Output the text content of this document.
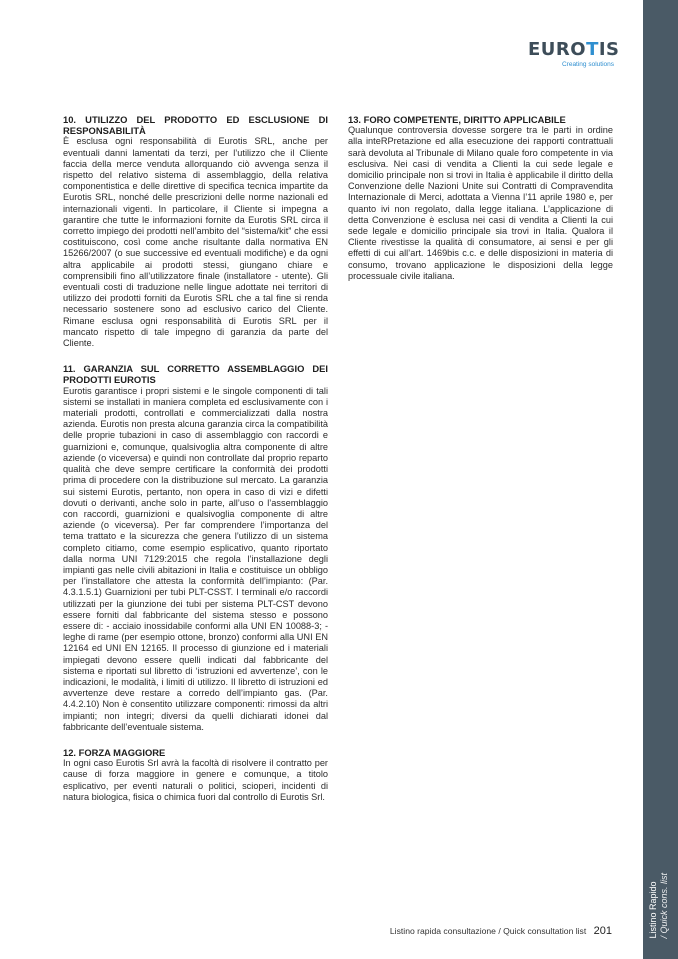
Listino Rapido
/ Quick cons. list
EUROTIS
Creating solutions

10. UTILIZZO DEL PRODOTTO ED ESCLUSIONE DI RESPONSABILITÀ

È esclusa ogni responsabilità di Eurotis SRL, anche per eventuali danni lamentati da terzi, per l’utilizzo che il Cliente faccia della merce venduta allorquando ciò avvenga senza il rispetto del relativo sistema di assemblaggio, della relativa componentistica e delle direttive di specifica tecnica impartite da Eurotis SRL, nonché delle prescrizioni delle norme nazionali ed internazionali vigenti. In particolare, il Cliente si impegna a garantire che tutte le informazioni fornite da Eurotis SRL circa il corretto impiego dei prodotti nell’ambito del “sistema/kit” che essi costituiscono, così come anche risultante dalla normativa EN 15266/2007 (o sue successive ed eventuali modifiche) e da ogni altra applicabile ai prodotti stessi, giungano chiare e comprensibili fino all’utilizzatore finale (installatore - utente). Gli eventuali costi di traduzione nelle lingue adottate nei territori di utilizzo dei prodotti forniti da Eurotis SRL che a tal fine si renda necessario sostenere sono ad esclusivo carico del Cliente. Rimane esclusa ogni responsabilità di Eurotis SRL per il mancato rispetto di tale impegno di garanzia da parte del Cliente.

11. GARANZIA SUL CORRETTO ASSEMBLAGGIO DEI PRODOTTI EUROTIS

Eurotis garantisce i propri sistemi e le singole componenti di tali sistemi se installati in maniera completa ed esclusivamente con i materiali prodotti, controllati e commercializzati dalla nostra azienda. Eurotis non presta alcuna garanzia circa la compatibilità delle proprie tubazioni in caso di assemblaggio con raccordi e guarnizioni e, comunque, qualsivoglia altra componente di altre aziende (o viceversa) e quindi non controllate dal proprio reparto qualità che deve sempre certificare la conformità dei prodotti prima di procedere con la distribuzione sul mercato. La garanzia sui sistemi Eurotis, pertanto, non opera in caso di vizi e difetti dovuti o derivanti, anche solo in parte, all’uso o l’assemblaggio con raccordi, guarnizioni e qualsivoglia componente di altre aziende (o viceversa). Per far comprendere l’importanza del tema trattato e la sicurezza che genera l’utilizzo di un sistema completo citiamo, come esempio esplicativo, quanto riportato dalla norma UNI 7129:2015 che regola l’installazione degli impianti gas nelle civili abitazioni in Italia e costituisce un obbligo per l’installatore che attesta la conformità dell’impianto: (Par. 4.3.1.5.1) Guarnizioni per tubi PLT-CSST. I terminali e/o raccordi utilizzati per la giunzione dei tubi per sistema PLT-CST devono essere forniti dal fabbricante del sistema stesso e possono essere di: - acciaio inossidabile conformi alla UNI EN 10088-3; - leghe di rame (per esempio ottone, bronzo) conformi alla UNI EN 12164 ed UNI EN 12165. Il processo di giunzione ed i materiali impiegati devono essere quelli indicati dal fabbricante del sistema e riportati sul libretto di ‘istruzioni ed avvertenze’, con le indicazioni, le modalità, i limiti di utilizzo. Il libretto di istruzioni ed avvertenze deve restare a corredo dell’impianto gas. (Par. 4.4.2.10) Non è consentito utilizzare componenti: rimossi da altri impianti; non integri; diversi da quelli dichiarati idonei dal fabbricante dell’eventuale sistema.

12. FORZA MAGGIORE

In ogni caso Eurotis Srl avrà la facoltà di risolvere il contratto per cause di forza maggiore in genere e comunque, a titolo esplicativo, per eventi naturali o politici, scioperi, incidenti di natura biologica, fisica o chimica fuori dal controllo di Eurotis Srl.

13. FORO COMPETENTE, DIRITTO APPLICABILE

Qualunque controversia dovesse sorgere tra le parti in ordine alla inteRPretazione ed alla esecuzione dei rapporti contrattuali sarà devoluta al Tribunale di Milano quale foro competente in via esclusiva. Nei casi di vendita a Clienti la cui sede legale e domicilio principale non si trovi in Italia è applicabile il diritto della Convenzione delle Nazioni Unite sui Contratti di Compravendita Internazionale di Merci, adottata a Vienna l’11 aprile 1980 e, per quanto ivi non regolato, dalla legge italiana. L’applicazione di detta Convenzione è esclusa nei casi di vendita a Clienti la cui sede legale e domicilio principale sia trovi in Italia. Qualora il Cliente rivestisse la qualità di consumatore, ai sensi e per gli effetti di cui all’art. 1469bis c.c. e delle disposizioni in materia di consumo, trovano applicazione le disposizioni della legge processuale civile italiana.

Listino rapida consultazione / Quick consultation list 201
